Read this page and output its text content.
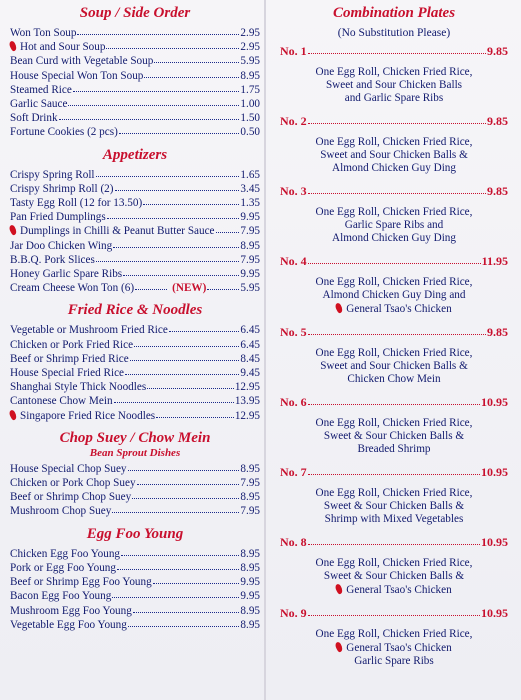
Soup / Side Order
Won Ton Soup	2.95
Hot and Sour Soup	2.95
Bean Curd with Vegetable Soup	5.95
House Special Won Ton Soup	8.95
Steamed Rice	1.75
Garlic Sauce	1.00
Soft Drink	1.50
Fortune Cookies (2 pcs)	0.50
Appetizers
Crispy Spring Roll	1.65
Crispy Shrimp Roll (2)	3.45
Tasty Egg Roll (12 for 13.50)	1.35
Pan Fried Dumplings	9.95
Dumplings in Chilli & Peanut Butter Sauce 7.95
Jar Doo Chicken Wing	8.95
B.B.Q. Pork Slices	7.95
Honey Garlic Spare Ribs	9.95
Cream Cheese Won Ton (6)	(NEW)	5.95
Fried Rice & Noodles
Vegetable or Mushroom Fried Rice	6.45
Chicken or Pork Fried Rice	6.45
Beef or Shrimp Fried Rice	8.45
House Special Fried Rice	9.45
Shanghai Style Thick Noodles	12.95
Cantonese Chow Mein	13.95
Singapore Fried Rice Noodles	12.95
Chop Suey / Chow Mein

Bean Sprout Dishes

House Special Chop Suey	8.95
Chicken or Pork Chop Suey	7.95
Beef or Shrimp Chop Suey	8.95
Mushroom Chop Suey	7.95
Egg Foo Young
Chicken Egg Foo Young	8.95
Pork or Egg Foo Young	8.95
Beef or Shrimp Egg Foo Young	9.95
Bacon Egg Foo Young	9.95
Mushroom Egg Foo Young	8.95
Vegetable Egg Foo Young	8.95
Combination Plates

(No Substitution Please)

No. 1	9.85
One Egg Roll, Chicken Fried Rice,
Sweet and Sour Chicken Balls
and Garlic Spare Ribs
No. 2	9.85
One Egg Roll, Chicken Fried Rice,
Sweet and Sour Chicken Balls &
Almond Chicken Guy Ding
No. 3	9.85
One Egg Roll, Chicken Fried Rice,
Garlic Spare Ribs and
Almond Chicken Guy Ding
No. 4	11.95
One Egg Roll, Chicken Fried Rice,
Almond Chicken Guy Ding and
General Tsao's Chicken
No. 5	9.85
One Egg Roll, Chicken Fried Rice,
Sweet and Sour Chicken Balls &
Chicken Chow Mein
No. 6	10.95
One Egg Roll, Chicken Fried Rice,
Sweet & Sour Chicken Balls &
Breaded Shrimp
No. 7	10.95
One Egg Roll, Chicken Fried Rice,
Sweet & Sour Chicken Balls &
Shrimp with Mixed Vegetables
No. 8	10.95
One Egg Roll, Chicken Fried Rice,
Sweet & Sour Chicken Balls &
General Tsao's Chicken
No. 9	10.95
One Egg Roll, Chicken Fried Rice,
General Tsao's Chicken
Garlic Spare Ribs
